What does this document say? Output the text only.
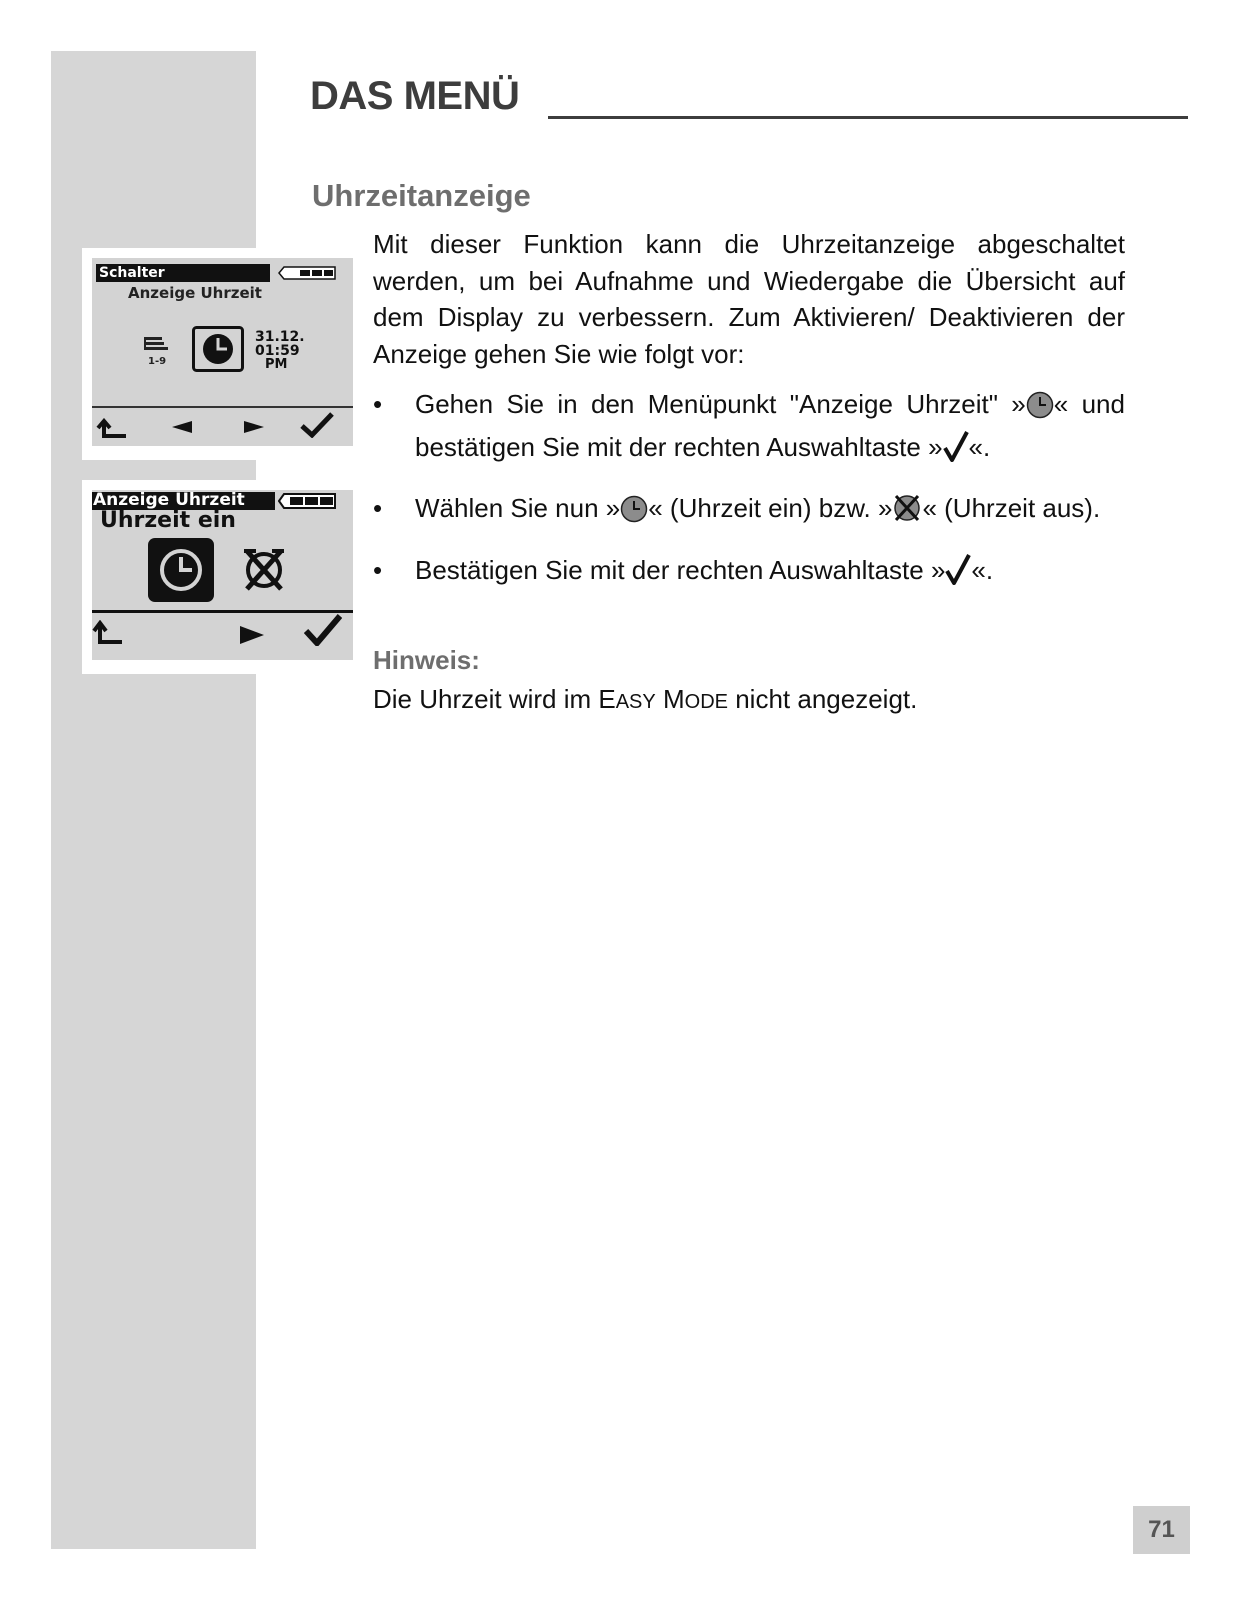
DAS MENÜ
Uhrzeitanzeige

Mit dieser Funktion kann die Uhrzeitanzeige abgeschaltet werden, um bei Aufnahme und Wiedergabe die Übersicht auf dem Display zu verbessern. Zum Aktivieren/ Deaktivieren der Anzeige gehen Sie wie folgt vor:

• Gehen Sie in den Menüpunkt "Anzeige Uhrzeit" » « und bestätigen Sie mit der rechten Auswahltaste » «.
• Wählen Sie nun » « (Uhrzeit ein) bzw. » « (Uhrzeit aus).
• Bestätigen Sie mit der rechten Auswahltaste » «.
Hinweis:
Die Uhrzeit wird im EASY MODE nicht angezeigt.
Schalter
Anzeige Uhrzeit
1-9
31.12.
01:59
PM
Anzeige Uhrzeit
Uhrzeit ein
71
